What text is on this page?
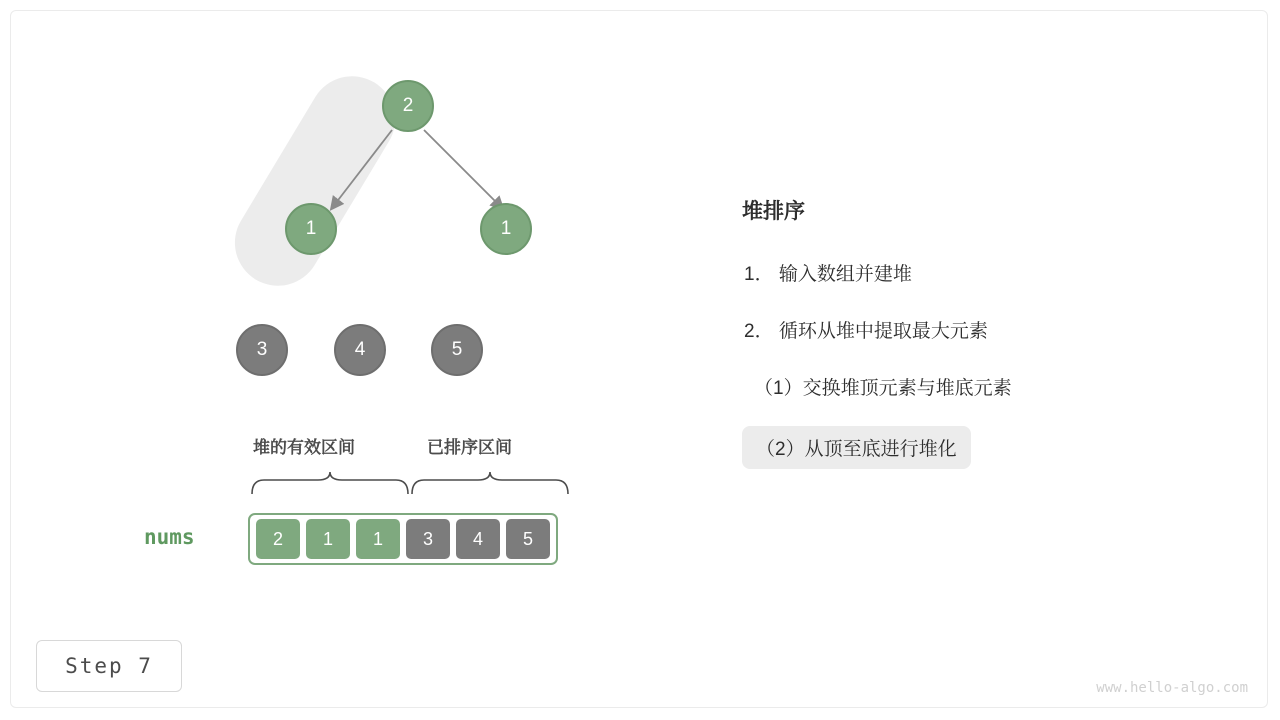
2
1	1
3	4	5
堆的有效区间	已排序区间
nums	2 1 1 3 4 5
堆排序
1． 输入数组并建堆
2． 循环从堆中提取最大元素
（1）交换堆顶元素与堆底元素
（2）从顶至底进行堆化
Step 7
www.hello-algo.com
